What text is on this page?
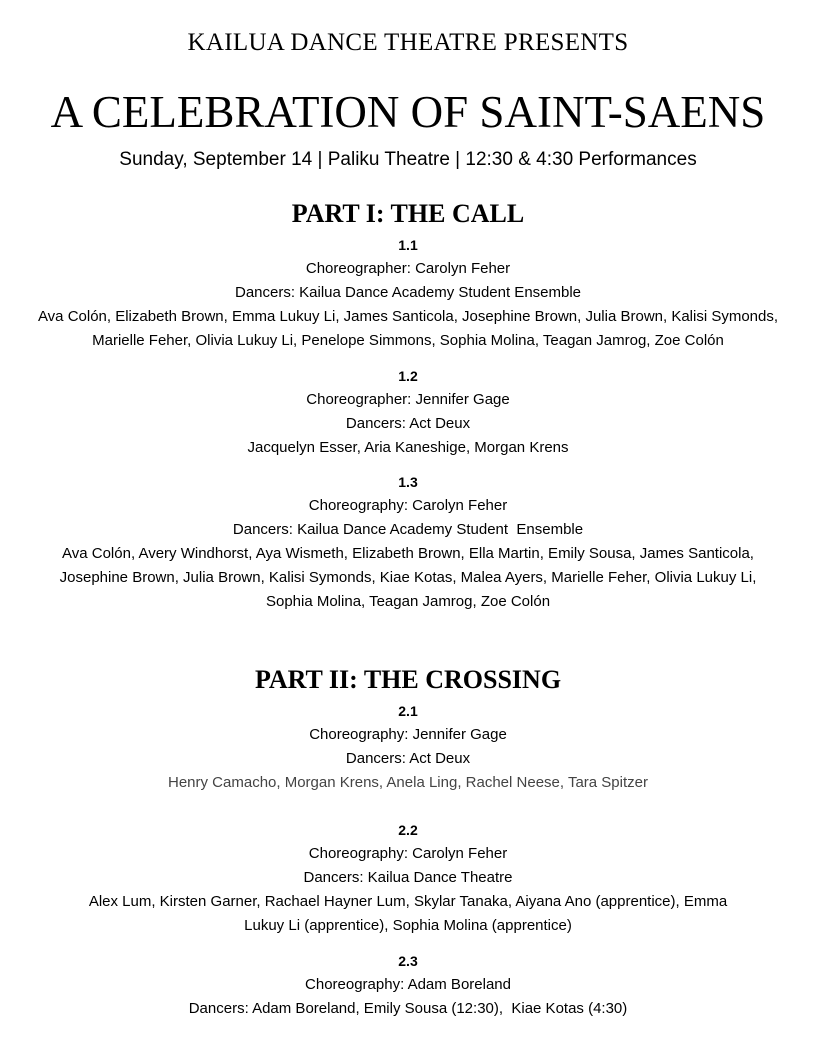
KAILUA DANCE THEATRE PRESENTS
A CELEBRATION OF SAINT-SAENS
Sunday, September 14 | Paliku Theatre | 12:30 & 4:30 Performances
PART I: THE CALL
1.1
Choreographer: Carolyn Feher
Dancers: Kailua Dance Academy Student Ensemble
Ava Colón, Elizabeth Brown, Emma Lukuy Li, James Santicola, Josephine Brown, Julia Brown, Kalisi Symonds, Marielle Feher, Olivia Lukuy Li, Penelope Simmons, Sophia Molina, Teagan Jamrog, Zoe Colón
1.2
Choreographer: Jennifer Gage
Dancers: Act Deux
Jacquelyn Esser, Aria Kaneshige, Morgan Krens
1.3
Choreography: Carolyn Feher
Dancers: Kailua Dance Academy Student  Ensemble
Ava Colón, Avery Windhorst, Aya Wismeth, Elizabeth Brown, Ella Martin, Emily Sousa, James Santicola, Josephine Brown, Julia Brown, Kalisi Symonds, Kiae Kotas, Malea Ayers, Marielle Feher, Olivia Lukuy Li, Sophia Molina, Teagan Jamrog, Zoe Colón
PART II: THE CROSSING
2.1
Choreography: Jennifer Gage
Dancers: Act Deux
Henry Camacho, Morgan Krens, Anela Ling, Rachel Neese, Tara Spitzer
2.2
Choreography: Carolyn Feher
Dancers: Kailua Dance Theatre
Alex Lum, Kirsten Garner, Rachael Hayner Lum, Skylar Tanaka, Aiyana Ano (apprentice), Emma Lukuy Li (apprentice), Sophia Molina (apprentice)
2.3
Choreography: Adam Boreland
Dancers: Adam Boreland, Emily Sousa (12:30),  Kiae Kotas (4:30)
